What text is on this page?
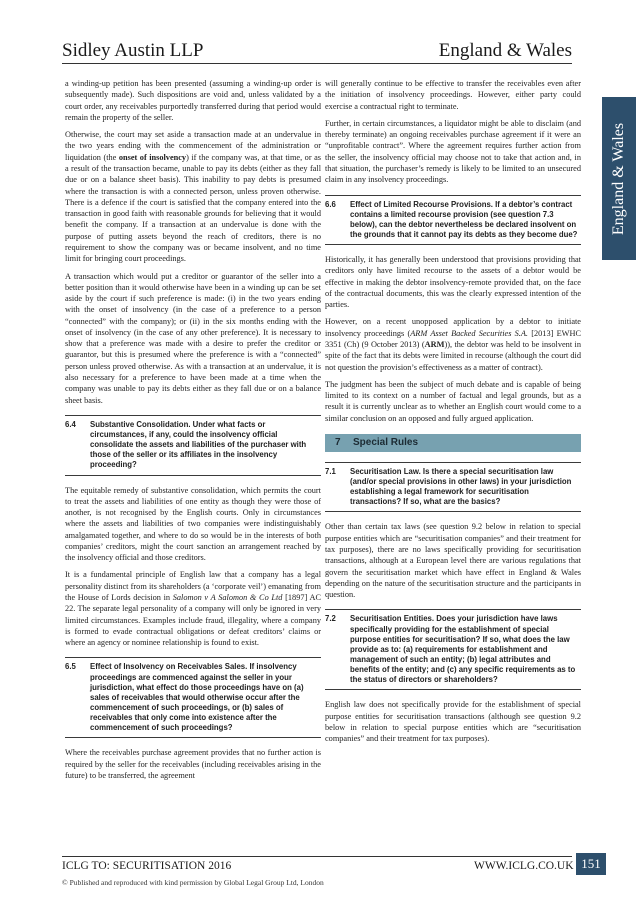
Sidley Austin LLP	England & Wales
England & Wales

a winding-up petition has been presented (assuming a winding-up order is subsequently made). Such dispositions are void and, unless validated by a court order, any receivables purportedly transferred during that period would remain the property of the seller.

Otherwise, the court may set aside a transaction made at an undervalue in the two years ending with the commencement of the administration or liquidation (the onset of insolvency) if the company was, at that time, or as a result of the transaction became, unable to pay its debts (either as they fall due or on a balance sheet basis). This inability to pay debts is presumed where the transaction is with a connected person, unless proven otherwise. There is a defence if the court is satisfied that the company entered into the transaction in good faith with reasonable grounds for believing that it would benefit the company. If a transaction at an undervalue is done with the purpose of putting assets beyond the reach of creditors, there is no requirement to show the company was or became insolvent, and no time limit for bringing court proceedings.

A transaction which would put a creditor or guarantor of the seller into a better position than it would otherwise have been in a winding up can be set aside by the court if such preference is made: (i) in the two years ending with the onset of insolvency (in the case of a preference to a person “connected” with the company); or (ii) in the six months ending with the onset of insolvency (in the case of any other preference). It is necessary to show that a preference was made with a desire to prefer the creditor or guarantor, but this is presumed where the preference is with a “connected” person unless proved otherwise. As with a transaction at an undervalue, it is also necessary for a preference to have been made at a time when the company was unable to pay its debts either as they fall due or on a balance sheet basis.

6.4	Substantive Consolidation. Under what facts or circumstances, if any, could the insolvency official consolidate the assets and liabilities of the purchaser with those of the seller or its affiliates in the insolvency proceeding?

The equitable remedy of substantive consolidation, which permits the court to treat the assets and liabilities of one entity as though they were those of another, is not recognised by the English courts. Only in circumstances where the assets and liabilities of two companies were indistinguishably amalgamated together, and where to do so would be in the interests of both companies’ creditors, might the court sanction an arrangement reached by the insolvency official and those creditors.

It is a fundamental principle of English law that a company has a legal personality distinct from its shareholders (a ‘corporate veil’) emanating from the House of Lords decision in Salomon v A Salomon & Co Ltd [1897] AC 22. The separate legal personality of a company will only be ignored in very limited circumstances. Examples include fraud, illegality, where a company is formed to evade contractual obligations or defeat creditors’ claims or where an agency or nominee relationship is found to exist.

6.5	Effect of Insolvency on Receivables Sales. If insolvency proceedings are commenced against the seller in your jurisdiction, what effect do those proceedings have on (a) sales of receivables that would otherwise occur after the commencement of such proceedings, or (b) sales of receivables that only come into existence after the commencement of such proceedings?

Where the receivables purchase agreement provides that no further action is required by the seller for the receivables (including receivables arising in the future) to be transferred, the agreement

will generally continue to be effective to transfer the receivables even after the initiation of insolvency proceedings. However, either party could exercise a contractual right to terminate.

Further, in certain circumstances, a liquidator might be able to disclaim (and thereby terminate) an ongoing receivables purchase agreement if it were an “unprofitable contract”. Where the agreement requires further action from the seller, the insolvency official may choose not to take that action and, in that situation, the purchaser’s remedy is likely to be limited to an unsecured claim in any insolvency proceedings.

6.6	Effect of Limited Recourse Provisions. If a debtor’s contract contains a limited recourse provision (see question 7.3 below), can the debtor nevertheless be declared insolvent on the grounds that it cannot pay its debts as they become due?

Historically, it has generally been understood that provisions providing that creditors only have limited recourse to the assets of a debtor would be effective in making the debtor insolvency-remote provided that, on the face of the contractual documents, this was the clearly expressed intention of the parties.

However, on a recent unopposed application by a debtor to initiate insolvency proceedings (ARM Asset Backed Securities S.A. [2013] EWHC 3351 (Ch) (9 October 2013) (ARM)), the debtor was held to be insolvent in spite of the fact that its debts were limited in recourse (although the court did not question the provision’s effectiveness as a matter of contract).

The judgment has been the subject of much debate and is capable of being limited to its context on a number of factual and legal grounds, but as a result it is currently unclear as to whether an English court would come to a similar conclusion on an opposed and fully argued application.

7	Special Rules
7.1	Securitisation Law. Is there a special securitisation law (and/or special provisions in other laws) in your jurisdiction establishing a legal framework for securitisation transactions? If so, what are the basics?

Other than certain tax laws (see question 9.2 below in relation to special purpose entities which are “securitisation companies” and their treatment for tax purposes), there are no laws specifically providing for securitisation transactions, although at a European level there are various regulations that govern the securitisation market which have effect in England & Wales depending on the nature of the securitisation structure and the participants in question.

7.2	Securitisation Entities. Does your jurisdiction have laws specifically providing for the establishment of special purpose entities for securitisation? If so, what does the law provide as to: (a) requirements for establishment and management of such an entity; (b) legal attributes and benefits of the entity; and (c) any specific requirements as to the status of directors or shareholders?

English law does not specifically provide for the establishment of special purpose entities for securitisation transactions (although see question 9.2 below in relation to special purpose entities which are “securitisation companies” and their treatment for tax purposes).

ICLG TO: SECURITISATION 2016	WWW.ICLG.CO.UK
© Published and reproduced with kind permission by Global Legal Group Ltd, London
151
